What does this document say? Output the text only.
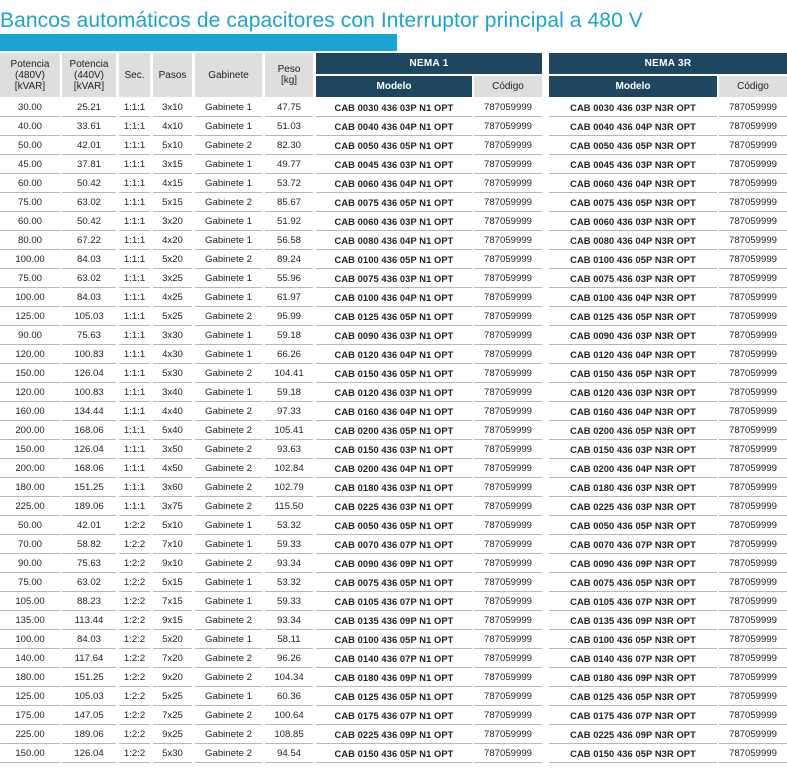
Bancos automáticos de capacitores con Interruptor principal a 480 V
Potencia (480V) [kVAR]
Potencia (440V) [kVAR]
Sec.	Pasos	Gabinete	Peso [kg]
NEMA 1	NEMA 3R
Modelo	Código	Modelo	Código
30.00	25.21	1:1:1	3x10	Gabinete 1	47.75	CAB 0030 436 03P N1 OPT	787059999	CAB 0030 436 03P N3R OPT	787059999
40.00	33.61	1:1:1	4x10	Gabinete 1	51.03	CAB 0040 436 04P N1 OPT	787059999	CAB 0040 436 04P N3R OPT	787059999
50.00	42.01	1:1:1	5x10	Gabinete 2	82.30	CAB 0050 436 05P N1 OPT	787059999	CAB 0050 436 05P N3R OPT	787059999
45.00	37.81	1:1:1	3x15	Gabinete 1	49.77	CAB 0045 436 03P N1 OPT	787059999	CAB 0045 436 03P N3R OPT	787059999
60.00	50.42	1:1:1	4x15	Gabinete 1	53.72	CAB 0060 436 04P N1 OPT	787059999	CAB 0060 436 04P N3R OPT	787059999
75.00	63.02	1:1:1	5x15	Gabinete 2	85.67	CAB 0075 436 05P N1 OPT	787059999	CAB 0075 436 05P N3R OPT	787059999
60.00	50.42	1:1:1	3x20	Gabinete 1	51.92	CAB 0060 436 03P N1 OPT	787059999	CAB 0060 436 03P N3R OPT	787059999
80.00	67.22	1:1:1	4x20	Gabinete 1	56.58	CAB 0080 436 04P N1 OPT	787059999	CAB 0080 436 04P N3R OPT	787059999
100.00	84.03	1:1:1	5x20	Gabinete 2	89.24	CAB 0100 436 05P N1 OPT	787059999	CAB 0100 436 05P N3R OPT	787059999
75.00	63.02	1:1:1	3x25	Gabinete 1	55.96	CAB 0075 436 03P N1 OPT	787059999	CAB 0075 436 03P N3R OPT	787059999
100.00	84.03	1:1:1	4x25	Gabinete 1	61.97	CAB 0100 436 04P N1 OPT	787059999	CAB 0100 436 04P N3R OPT	787059999
125.00	105.03	1:1:1	5x25	Gabinete 2	95.99	CAB 0125 436 05P N1 OPT	787059999	CAB 0125 436 05P N3R OPT	787059999
90.00	75.63	1:1:1	3x30	Gabinete 1	59.18	CAB 0090 436 03P N1 OPT	787059999	CAB 0090 436 03P N3R OPT	787059999
120.00	100.83	1:1:1	4x30	Gabinete 1	66.26	CAB 0120 436 04P N1 OPT	787059999	CAB 0120 436 04P N3R OPT	787059999
150.00	126.04	1:1:1	5x30	Gabinete 2	104.41	CAB 0150 436 05P N1 OPT	787059999	CAB 0150 436 05P N3R OPT	787059999
120.00	100.83	1:1:1	3x40	Gabinete 1	59.18	CAB 0120 436 03P N1 OPT	787059999	CAB 0120 436 03P N3R OPT	787059999
160.00	134.44	1:1:1	4x40	Gabinete 2	97.33	CAB 0160 436 04P N1 OPT	787059999	CAB 0160 436 04P N3R OPT	787059999
200.00	168.06	1:1:1	5x40	Gabinete 2	105.41	CAB 0200 436 05P N1 OPT	787059999	CAB 0200 436 05P N3R OPT	787059999
150.00	126.04	1:1:1	3x50	Gabinete 2	93.63	CAB 0150 436 03P N1 OPT	787059999	CAB 0150 436 03P N3R OPT	787059999
200.00	168.06	1:1:1	4x50	Gabinete 2	102.84	CAB 0200 436 04P N1 OPT	787059999	CAB 0200 436 04P N3R OPT	787059999
180.00	151.25	1:1:1	3x60	Gabinete 2	102.79	CAB 0180 436 03P N1 OPT	787059999	CAB 0180 436 03P N3R OPT	787059999
225.00	189.06	1:1:1	3x75	Gabinete 2	115.50	CAB 0225 436 03P N1 OPT	787059999	CAB 0225 436 03P N3R OPT	787059999
50.00	42.01	1:2:2	5x10	Gabinete 1	53.32	CAB 0050 436 05P N1 OPT	787059999	CAB 0050 436 05P N3R OPT	787059999
70.00	58.82	1:2:2	7x10	Gabinete 1	59.33	CAB 0070 436 07P N1 OPT	787059999	CAB 0070 436 07P N3R OPT	787059999
90.00	75.63	1:2:2	9x10	Gabinete 2	93.34	CAB 0090 436 09P N1 OPT	787059999	CAB 0090 436 09P N3R OPT	787059999
75.00	63.02	1:2:2	5x15	Gabinete 1	53.32	CAB 0075 436 05P N1 OPT	787059999	CAB 0075 436 05P N3R OPT	787059999
105.00	88.23	1:2:2	7x15	Gabinete 1	59.33	CAB 0105 436 07P N1 OPT	787059999	CAB 0105 436 07P N3R OPT	787059999
135.00	113.44	1:2:2	9x15	Gabinete 2	93.34	CAB 0135 436 09P N1 OPT	787059999	CAB 0135 436 09P N3R OPT	787059999
100.00	84.03	1:2:2	5x20	Gabinete 1	58.11	CAB 0100 436 05P N1 OPT	787059999	CAB 0100 436 05P N3R OPT	787059999
140.00	117.64	1:2:2	7x20	Gabinete 2	96.26	CAB 0140 436 07P N1 OPT	787059999	CAB 0140 436 07P N3R OPT	787059999
180.00	151.25	1:2:2	9x20	Gabinete 2	104.34	CAB 0180 436 09P N1 OPT	787059999	CAB 0180 436 09P N3R OPT	787059999
125.00	105.03	1:2:2	5x25	Gabinete 1	60.36	CAB 0125 436 05P N1 OPT	787059999	CAB 0125 436 05P N3R OPT	787059999
175.00	147.05	1:2:2	7x25	Gabinete 2	100.64	CAB 0175 436 07P N1 OPT	787059999	CAB 0175 436 07P N3R OPT	787059999
225.00	189.06	1:2:2	9x25	Gabinete 2	108.85	CAB 0225 436 09P N1 OPT	787059999	CAB 0225 436 09P N3R OPT	787059999
150.00	126.04	1:2:2	5x30	Gabinete 2	94.54	CAB 0150 436 05P N1 OPT	787059999	CAB 0150 436 05P N3R OPT	787059999
